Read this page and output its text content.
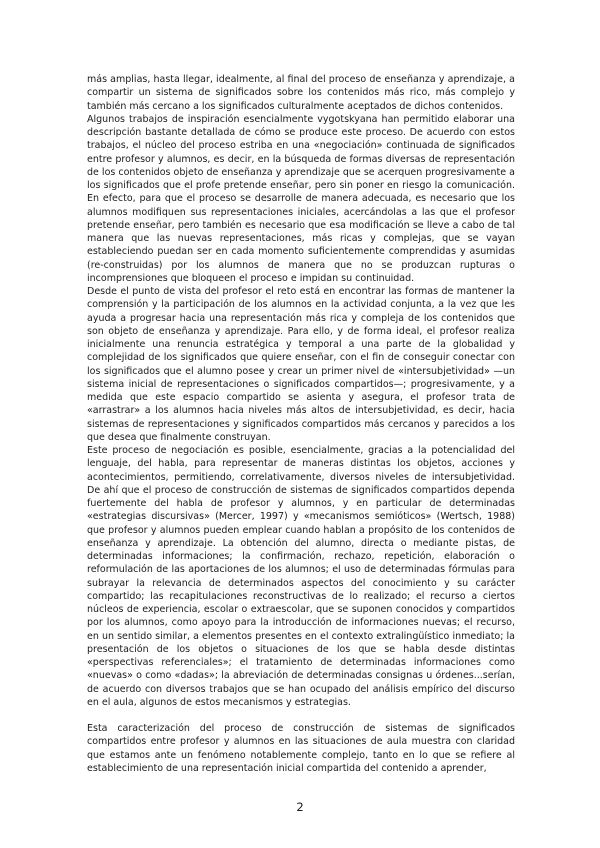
más amplias, hasta llegar, idealmente, al final del proceso de enseñanza y aprendizaje, a compartir un sistema de significados sobre los contenidos más rico, más complejo y también más cercano a los significados culturalmente aceptados de dichos contenidos.

Algunos trabajos de inspiración esencialmente vygotskyana han permitido elaborar una descripción bastante detallada de cómo se produce este proceso. De acuerdo con estos trabajos, el núcleo del proceso estriba en una «negociación» continuada de significados entre profesor y alumnos, es decir, en la búsqueda de formas diversas de representación de los contenidos objeto de enseñanza y aprendizaje que se acerquen progresivamente a los significados que el profe pretende enseñar, pero sin poner en riesgo la comunicación. En efecto, para que el proceso se desarrolle de manera adecuada, es necesario que los alumnos modifiquen sus representaciones iniciales, acercándolas a las que el profesor pretende enseñar, pero también es necesario que esa modificación se lleve a cabo de tal manera que las nuevas representaciones, más ricas y complejas, que se vayan estableciendo puedan ser en cada momento suficientemente comprendidas y asumidas (re-construidas) por los alumnos de manera que no se produzcan rupturas o incomprensiones que bloqueen el proceso e impidan su continuidad.

Desde el punto de vista del profesor el reto está en encontrar las formas de mantener la comprensión y la participación de los alumnos en la actividad conjunta, a la vez que les ayuda a progresar hacia una representación más rica y compleja de los contenidos que son objeto de enseñanza y aprendizaje. Para ello, y de forma ideal, el profesor realiza inicialmente una renuncia estratégica y temporal a una parte de la globalidad y complejidad de los significados que quiere enseñar, con el fin de conseguir conectar con los significados que el alumno posee y crear un primer nivel de «intersubjetividad» —un sistema inicial de representaciones o significados compartidos—; progresivamente, y a medida que este espacio compartido se asienta y asegura, el profesor trata de «arrastrar» a los alumnos hacia niveles más altos de intersubjetividad, es decir, hacia sistemas de representaciones y significados compartidos más cercanos y parecidos a los que desea que finalmente construyan.

Este proceso de negociación es posible, esencialmente, gracias a la potencialidad del lenguaje, del habla, para representar de maneras distintas los objetos, acciones y acontecimientos, permitiendo, correlativamente, diversos niveles de intersubjetividad. De ahí que el proceso de construcción de sistemas de significados compartidos dependa fuertemente del habla de profesor y alumnos, y en particular de determinadas «estrategias discursivas» (Mercer, 1997) y «mecanismos semióticos» (Wertsch, 1988) que profesor y alumnos pueden emplear cuando hablan a propósito de los contenidos de enseñanza y aprendizaje. La obtención del alumno, directa o mediante pistas, de determinadas informaciones; la confirmación, rechazo, repetición, elaboración o reformulación de las aportaciones de los alumnos; el uso de determinadas fórmulas para subrayar la relevancia de determinados aspectos del conocimiento y su carácter compartido; las recapitulaciones reconstructivas de lo realizado; el recurso a ciertos núcleos de experiencia, escolar o extraescolar, que se suponen conocidos y compartidos por los alumnos, como apoyo para la introducción de informaciones nuevas; el recurso, en un sentido similar, a elementos presentes en el contexto extralingüístico inmediato; la presentación de los objetos o situaciones de los que se habla desde distintas «perspectivas referenciales»; el tratamiento de determinadas informaciones como «nuevas» o como «dadas»; la abreviación de determinadas consignas u órdenes...serían, de acuerdo con diversos trabajos que se han ocupado del análisis empírico del discurso en el aula, algunos de estos mecanismos y estrategias.

Esta caracterización del proceso de construcción de sistemas de significados compartidos entre profesor y alumnos en las situaciones de aula muestra con claridad que estamos ante un fenómeno notablemente complejo, tanto en lo que se refiere al establecimiento de una representación inicial compartida del contenido a aprender,

2
